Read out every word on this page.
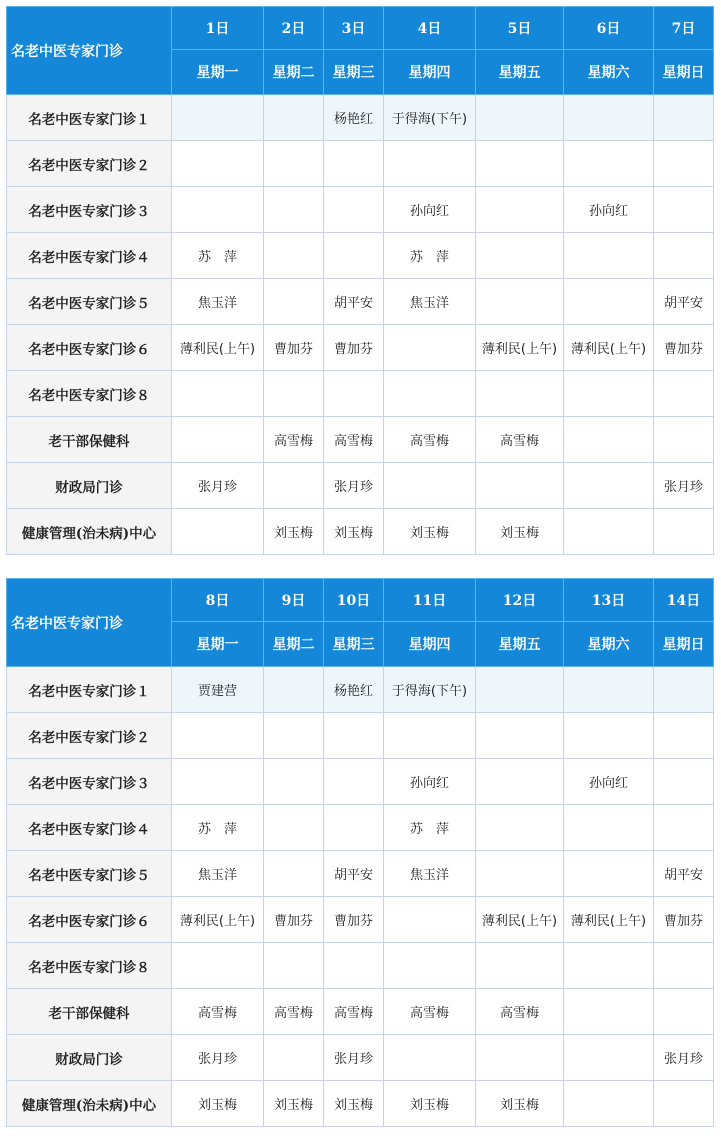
名老中医专家门诊	1日	2日	3日	4日	5日	6日	7日
	星期一	星期二	星期三	星期四	星期五	星期六	星期日
名老中医专家门诊１			杨艳红	于得海(下午)			
名老中医专家门诊２							
名老中医专家门诊３				孙向红		孙向红	
名老中医专家门诊４	苏　萍			苏　萍			
名老中医专家门诊５	焦玉洋		胡平安	焦玉洋			胡平安
名老中医专家门诊６	薄利民(上午)	曹加芬	曹加芬		薄利民(上午)	薄利民(上午)	曹加芬
名老中医专家门诊８							
老干部保健科		高雪梅	高雪梅	高雪梅	高雪梅		
财政局门诊	张月珍		张月珍				张月珍
健康管理(治未病)中心		刘玉梅	刘玉梅	刘玉梅	刘玉梅		
名老中医专家门诊	8日	9日	10日	11日	12日	13日	14日
	星期一	星期二	星期三	星期四	星期五	星期六	星期日
名老中医专家门诊１	贾建营		杨艳红	于得海(下午)			
名老中医专家门诊２							
名老中医专家门诊３				孙向红		孙向红	
名老中医专家门诊４	苏　萍			苏　萍			
名老中医专家门诊５	焦玉洋		胡平安	焦玉洋			胡平安
名老中医专家门诊６	薄利民(上午)	曹加芬	曹加芬		薄利民(上午)	薄利民(上午)	曹加芬
名老中医专家门诊８							
老干部保健科	高雪梅	高雪梅	高雪梅	高雪梅	高雪梅		
财政局门诊	张月珍		张月珍				张月珍
健康管理(治未病)中心	刘玉梅	刘玉梅	刘玉梅	刘玉梅	刘玉梅		
